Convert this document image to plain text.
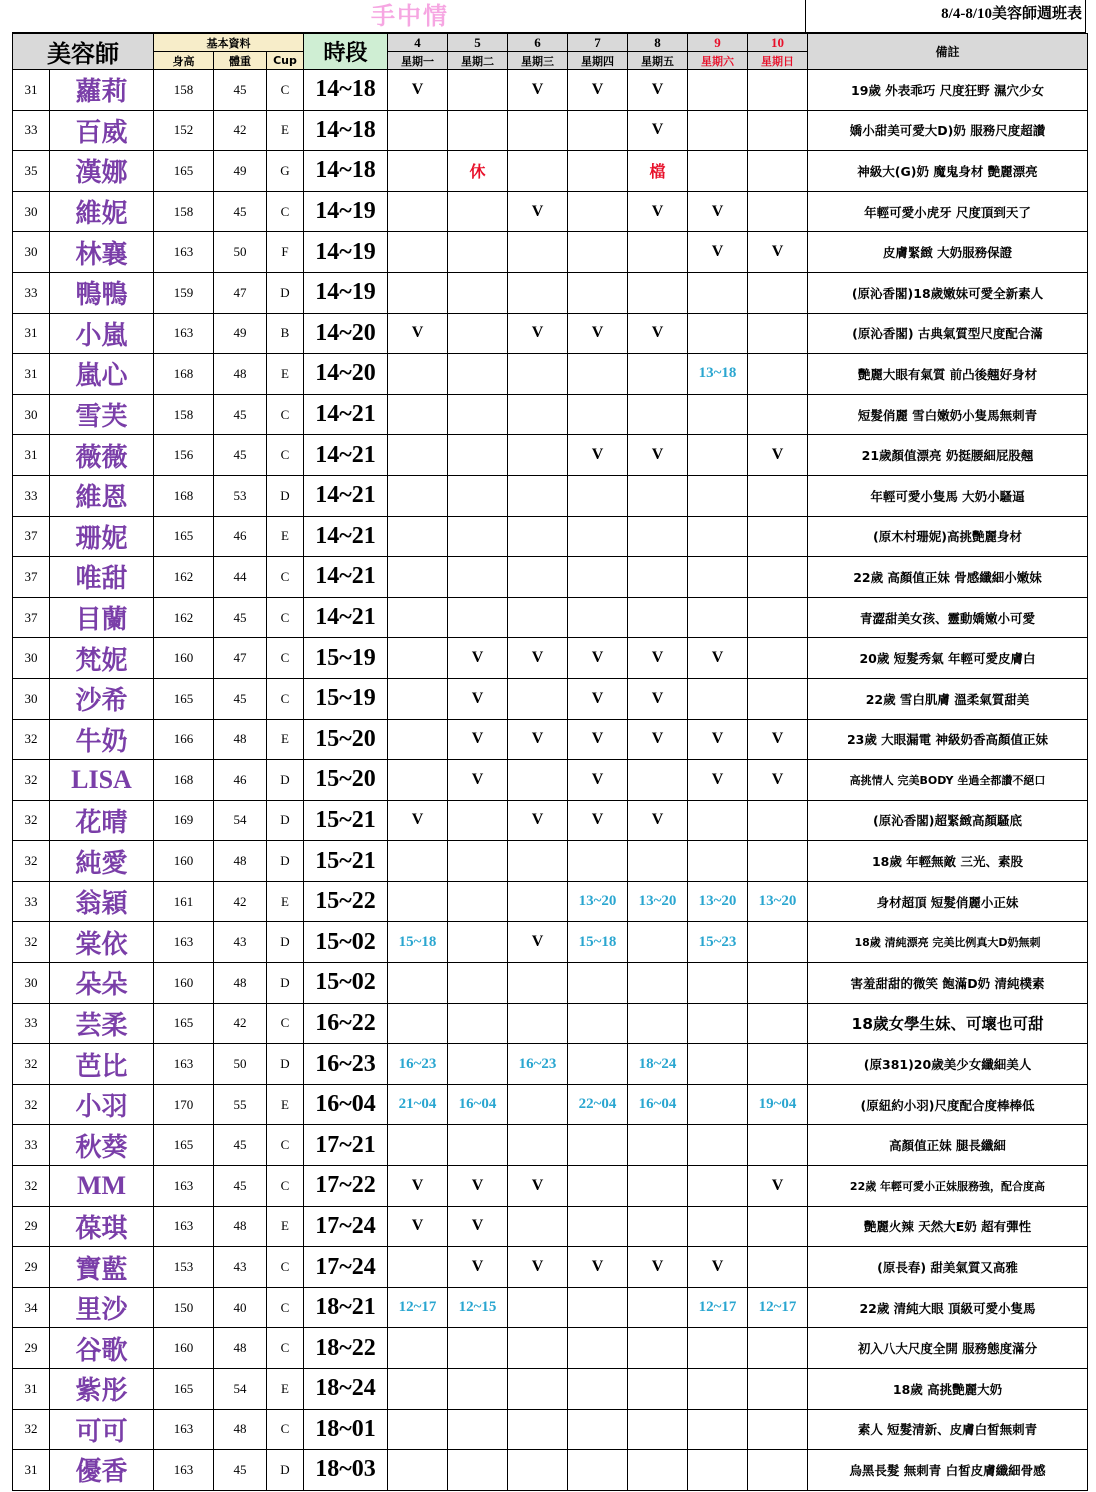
手中情	8/4-8/10美容師週班表
美容師		基本資料			時段	4	5	6	7	8	9	10	備註
		身高	體重	Cup		星期一	星期二	星期三	星期四	星期五	星期六	星期日	
31	蘿莉	158	45	C	14~18	V		V	V	V			19歲 外表乖巧 尺度狂野 濕穴少女
33	百威	152	42	E	14~18					V			嬌小甜美可愛大D)奶 服務尺度超讚
35	漢娜	165	49	G	14~18		休			檔			神級大(G)奶 魔鬼身材 艷麗漂亮
30	維妮	158	45	C	14~19			V		V	V		年輕可愛小虎牙 尺度頂到天了
30	林襄	163	50	F	14~19						V	V	皮膚緊緻 大奶服務保證
33	鴨鴨	159	47	D	14~19								(原沁香閣)18歲嫩妹可愛全新素人
31	小嵐	163	49	B	14~20	V		V	V	V			(原沁香閣) 古典氣質型尺度配合滿
31	嵐心	168	48	E	14~20						13~18		艷麗大眼有氣質 前凸後翹好身材
30	雪芙	158	45	C	14~21								短髮俏麗 雪白嫩奶小隻馬無刺青
31	薇薇	156	45	C	14~21				V	V		V	21歲顏值漂亮 奶挺腰細屁股翹
33	維恩	168	53	D	14~21								年輕可愛小隻馬 大奶小騷逼
37	珊妮	165	46	E	14~21								(原木村珊妮)高挑艷麗身材
37	唯甜	162	44	C	14~21								22歲 高顏值正妹 骨感纖細小嫩妹
37	目蘭	162	45	C	14~21								青澀甜美女孩、靈動嬌嫩小可愛
30	梵妮	160	47	C	15~19		V	V	V	V	V		20歲 短髮秀氣 年輕可愛皮膚白
30	沙希	165	45	C	15~19		V		V	V			22歲 雪白肌膚 溫柔氣質甜美
32	牛奶	166	48	E	15~20		V	V	V	V	V	V	23歲 大眼漏電 神級奶香高顏值正妹
32	LISA	168	46	D	15~20		V		V		V	V	高挑情人 完美BODY 坐過全都讚不絕口
32	花晴	169	54	D	15~21	V		V	V	V			(原沁香閣)超緊緻高顏騷底
32	純愛	160	48	D	15~21								18歲 年輕無敵 三光、素股
33	翁穎	161	42	E	15~22				13~20	13~20	13~20	13~20	身材超頂 短髮俏麗小正妹
32	棠依	163	43	D	15~02	15~18		V	15~18		15~23		18歲 清純漂亮 完美比例真大D奶無刺
30	朵朵	160	48	D	15~02								害羞甜甜的微笑 飽滿D奶 清純樸素
33	芸柔	165	42	C	16~22								18歲女學生妹、可壞也可甜
32	芭比	163	50	D	16~23	16~23		16~23		18~24			(原381)20歲美少女纖細美人
32	小羽	170	55	E	16~04	21~04	16~04		22~04	16~04		19~04	(原紐約小羽)尺度配合度棒棒低
33	秋葵	165	45	C	17~21								高顏值正妹 腿長纖細
32	MM	163	45	C	17~22	V	V	V				V	22歲 年輕可愛小正妹服務強，配合度高
29	葆琪	163	48	E	17~24	V	V						艷麗火辣 天然大E奶 超有彈性
29	寶藍	153	43	C	17~24		V	V	V	V	V		(原長春) 甜美氣質又高雅
34	里沙	150	40	C	18~21	12~17	12~15				12~17	12~17	22歲 清純大眼 頂級可愛小隻馬
29	谷歌	160	48	C	18~22								初入八大尺度全開 服務態度滿分
31	紫彤	165	54	E	18~24								18歲 高挑艷麗大奶
32	可可	163	48	C	18~01								素人 短髮清新、皮膚白皙無刺青
31	優香	163	45	D	18~03								烏黑長髮 無刺青 白皙皮膚纖細骨感
